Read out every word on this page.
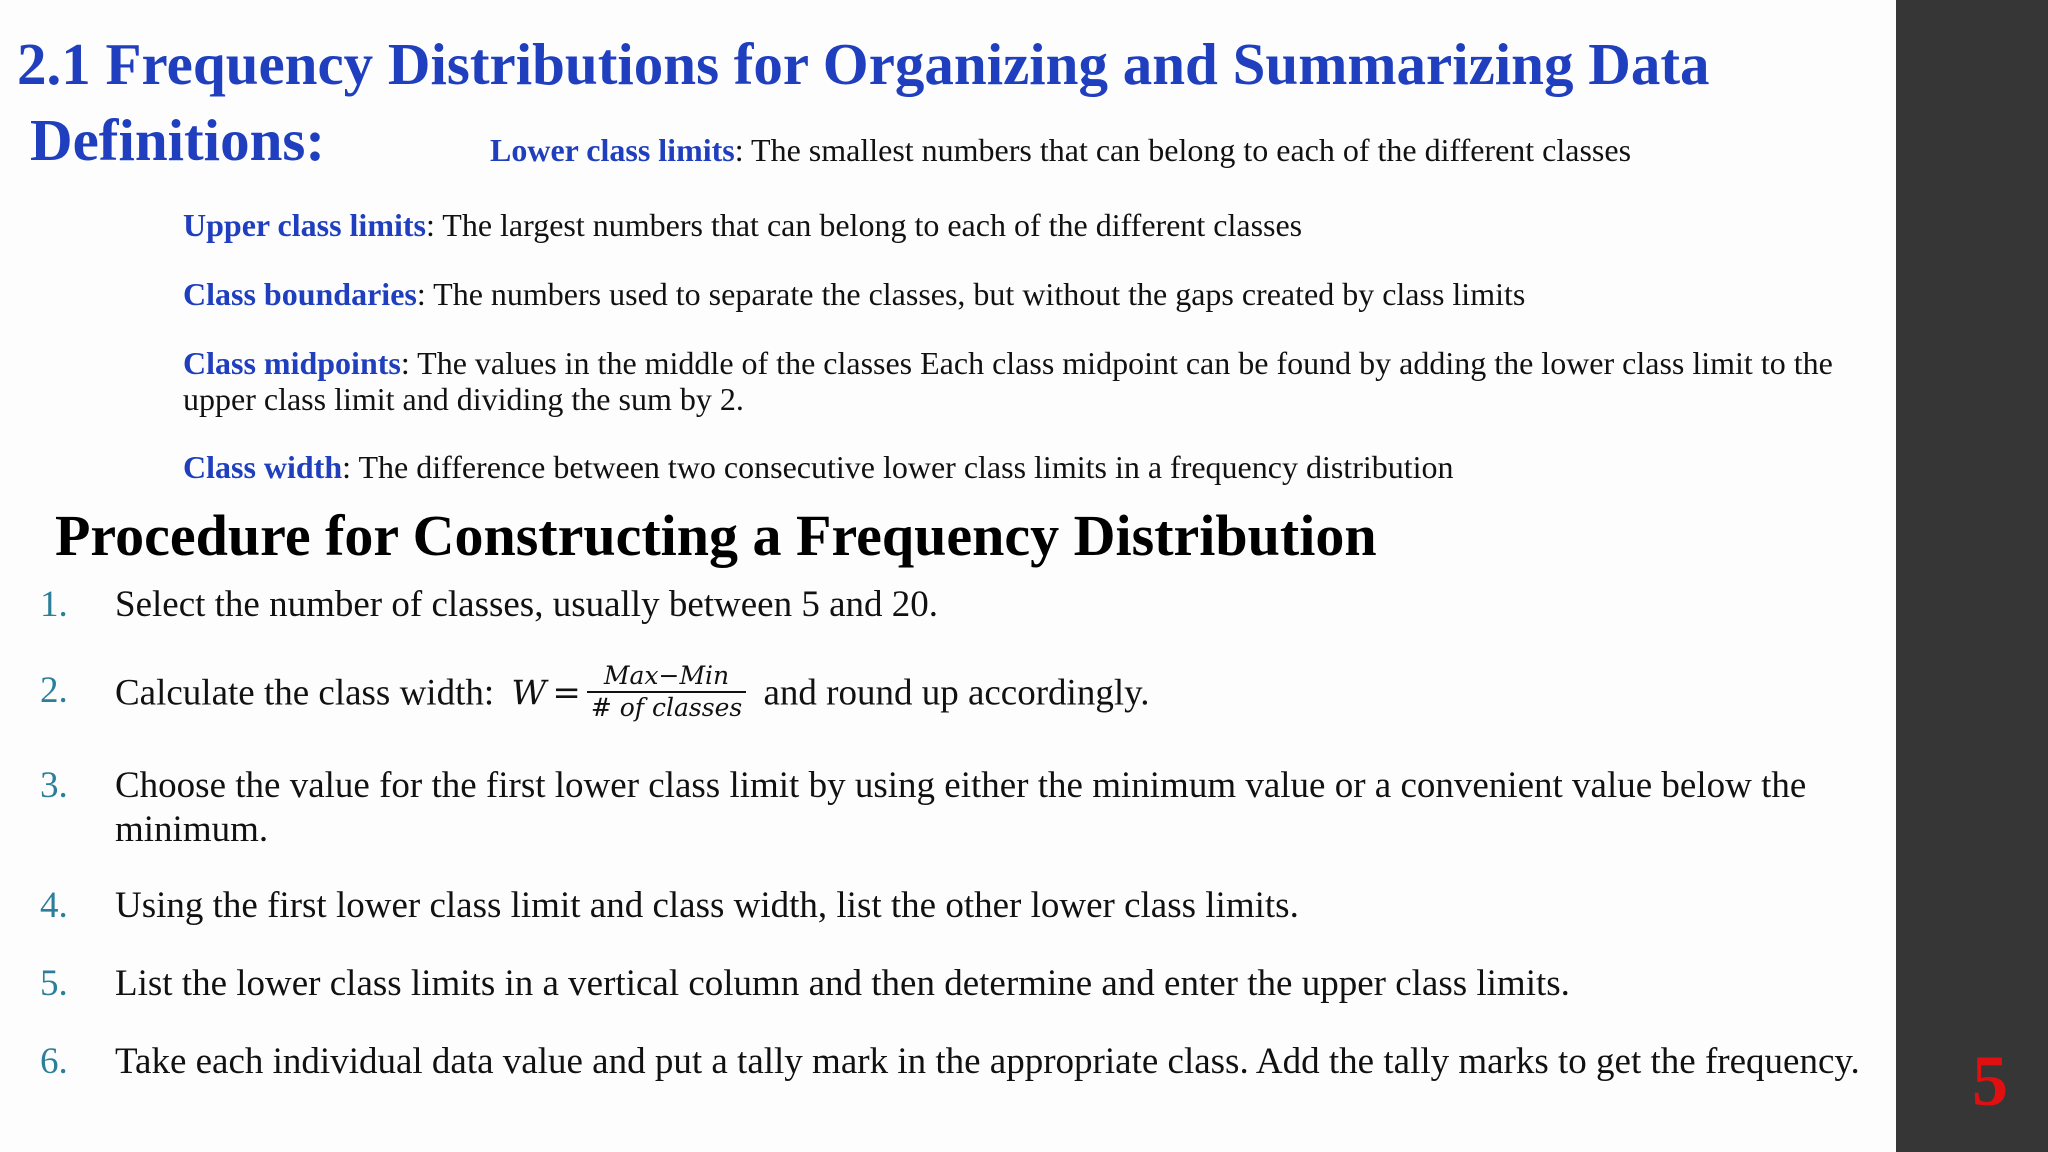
2.1 Frequency Distributions for Organizing and Summarizing Data
Definitions:	Lower class limits: The smallest numbers that can belong to each of the different classes
Upper class limits: The largest numbers that can belong to each of the different classes
Class boundaries: The numbers used to separate the classes, but without the gaps created by class limits
Class midpoints: The values in the middle of the classes Each class midpoint can be found by adding the lower class limit to the upper class limit and dividing the sum by 2.
Class width: The difference between two consecutive lower class limits in a frequency distribution
Procedure for Constructing a Frequency Distribution
1. Select the number of classes, usually between 5 and 20.
2. Calculate the class width: $W = \frac{\text{Max−Min}}{\text{\# of classes}}$ and round up accordingly.
3. Choose the value for the first lower class limit by using either the minimum value or a convenient value below the minimum.
4. Using the first lower class limit and class width, list the other lower class limits.
5. List the lower class limits in a vertical column and then determine and enter the upper class limits.
6. Take each individual data value and put a tally mark in the appropriate class. Add the tally marks to get the frequency.	5
